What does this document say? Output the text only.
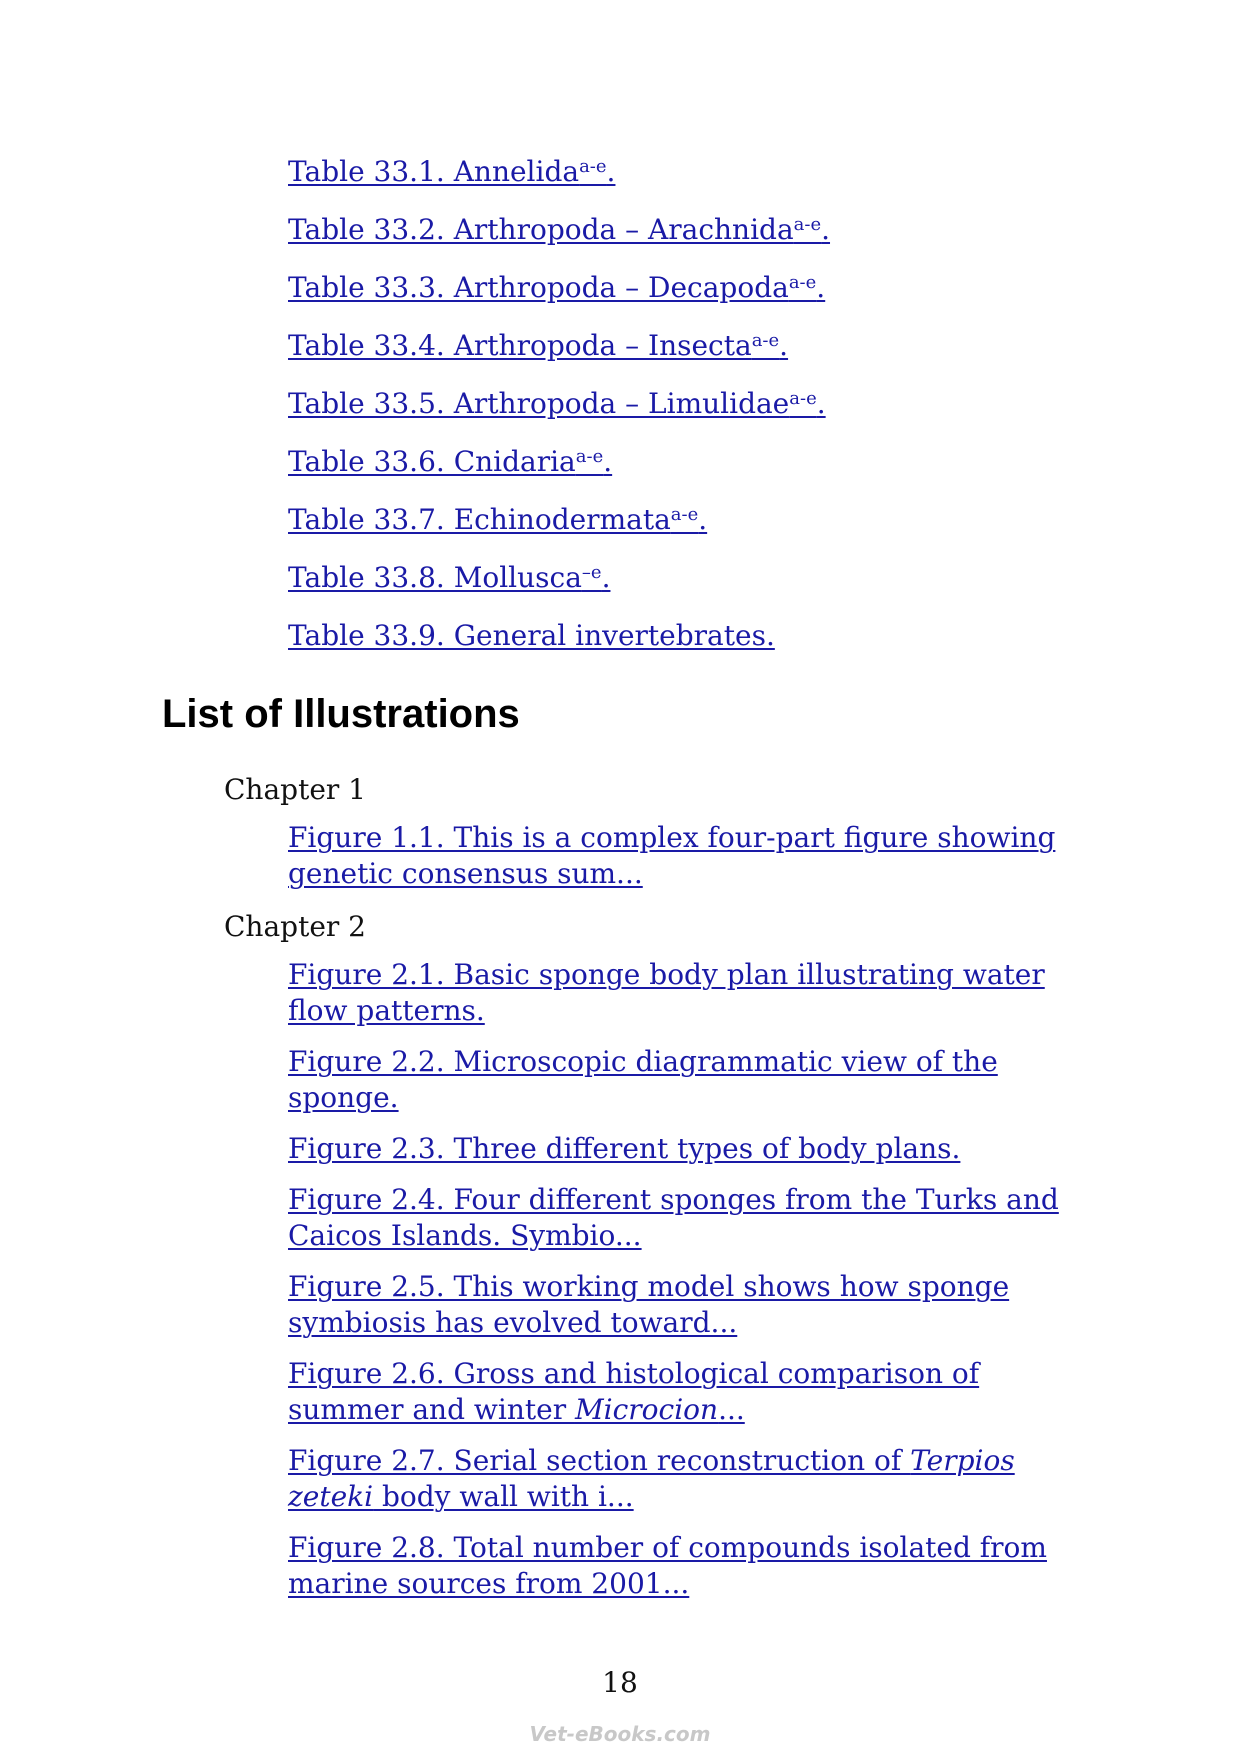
Table 33.1. Annelida$^{a-e}$.
Table 33.2. Arthropoda – Arachnida$^{a-e}$.
Table 33.3. Arthropoda – Decapoda$^{a-e}$.
Table 33.4. Arthropoda – Insecta$^{a-e}$.
Table 33.5. Arthropoda – Limulidae$^{a-e}$.
Table 33.6. Cnidaria$^{a-e}$.
Table 33.7. Echinodermata$^{a-e}$.
Table 33.8. Mollusca$^{-e}$.
Table 33.9. General invertebrates.
List of Illustrations
Chapter 1
Figure 1.1. This is a complex four-part figure showing genetic consensus sum...
Chapter 2
Figure 2.1. Basic sponge body plan illustrating water flow patterns.
Figure 2.2. Microscopic diagrammatic view of the sponge.
Figure 2.3. Three different types of body plans.
Figure 2.4. Four different sponges from the Turks and Caicos Islands. Symbio...
Figure 2.5. This working model shows how sponge symbiosis has evolved toward...
Figure 2.6. Gross and histological comparison of summer and winter Microcion...
Figure 2.7. Serial section reconstruction of Terpios zeteki body wall with i...
Figure 2.8. Total number of compounds isolated from marine sources from 2001...
18
Vet-eBooks.com
